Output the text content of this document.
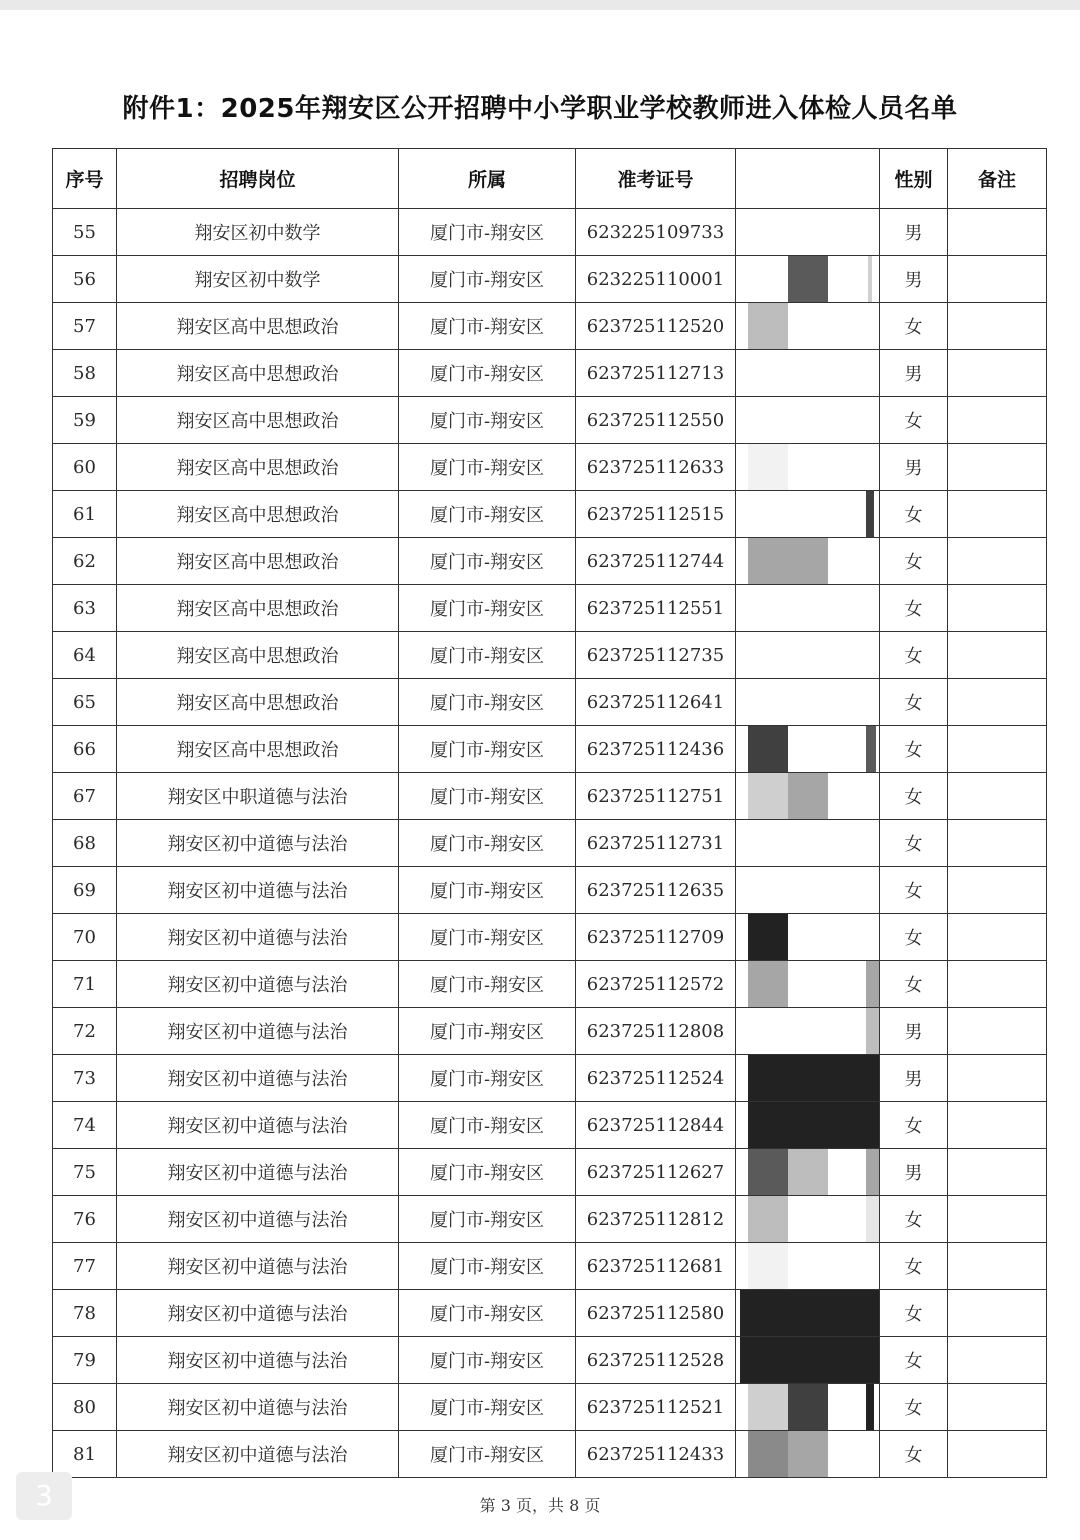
附件1：2025年翔安区公开招聘中小学职业学校教师进入体检人员名单
序号	招聘岗位	所属	准考证号		性别	备注
55	翔安区初中数学	厦门市-翔安区	623225109733		男	
56	翔安区初中数学	厦门市-翔安区	623225110001		男	
57	翔安区高中思想政治	厦门市-翔安区	623725112520		女	
58	翔安区高中思想政治	厦门市-翔安区	623725112713		男	
59	翔安区高中思想政治	厦门市-翔安区	623725112550		女	
60	翔安区高中思想政治	厦门市-翔安区	623725112633		男	
61	翔安区高中思想政治	厦门市-翔安区	623725112515		女	
62	翔安区高中思想政治	厦门市-翔安区	623725112744		女	
63	翔安区高中思想政治	厦门市-翔安区	623725112551		女	
64	翔安区高中思想政治	厦门市-翔安区	623725112735		女	
65	翔安区高中思想政治	厦门市-翔安区	623725112641		女	
66	翔安区高中思想政治	厦门市-翔安区	623725112436		女	
67	翔安区中职道德与法治	厦门市-翔安区	623725112751		女	
68	翔安区初中道德与法治	厦门市-翔安区	623725112731		女	
69	翔安区初中道德与法治	厦门市-翔安区	623725112635		女	
70	翔安区初中道德与法治	厦门市-翔安区	623725112709		女	
71	翔安区初中道德与法治	厦门市-翔安区	623725112572		女	
72	翔安区初中道德与法治	厦门市-翔安区	623725112808		男	
73	翔安区初中道德与法治	厦门市-翔安区	623725112524		男	
74	翔安区初中道德与法治	厦门市-翔安区	623725112844		女	
75	翔安区初中道德与法治	厦门市-翔安区	623725112627		男	
76	翔安区初中道德与法治	厦门市-翔安区	623725112812		女	
77	翔安区初中道德与法治	厦门市-翔安区	623725112681		女	
78	翔安区初中道德与法治	厦门市-翔安区	623725112580		女	
79	翔安区初中道德与法治	厦门市-翔安区	623725112528		女	
80	翔安区初中道德与法治	厦门市-翔安区	623725112521		女	
81	翔安区初中道德与法治	厦门市-翔安区	623725112433		女	
第 3 页，共 8 页
3
